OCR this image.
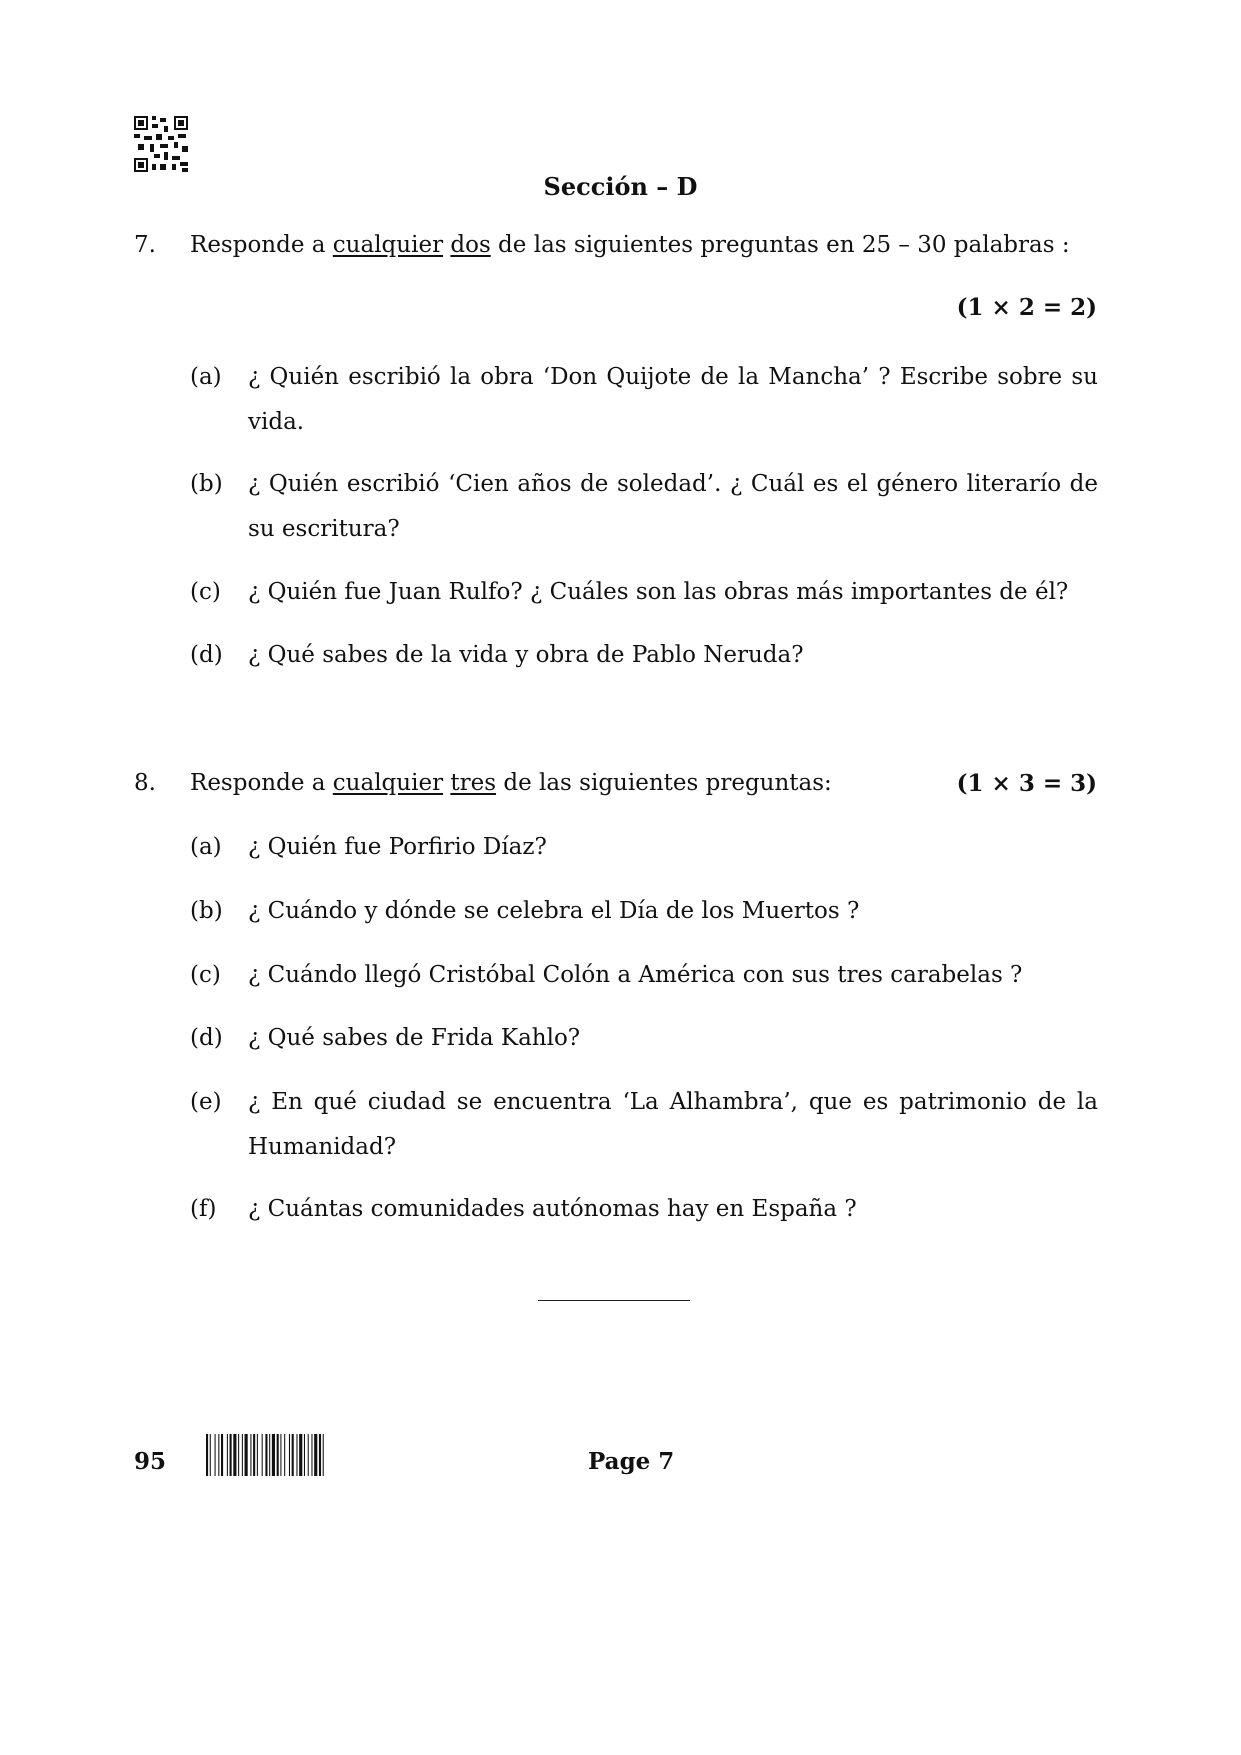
Sección – D
7. Responde a cualquier dos de las siguientes preguntas en 25 – 30 palabras :
(1 × 2 = 2)
(a) ¿ Quién escribió la obra ‘Don Quijote de la Mancha’ ? Escribe sobre su vida.
(b) ¿ Quién escribió ‘Cien años de soledad’. ¿ Cuál es el género literarío de su escritura?
(c) ¿ Quién fue Juan Rulfo? ¿ Cuáles son las obras más importantes de él?
(d) ¿ Qué sabes de la vida y obra de Pablo Neruda?
8. Responde a cualquier tres de las siguientes preguntas:	(1 × 3 = 3)
(a) ¿ Quién fue Porfirio Díaz?
(b) ¿ Cuándo y dónde se celebra el Día de los Muertos ?
(c) ¿ Cuándo llegó Cristóbal Colón a América con sus tres carabelas ?
(d) ¿ Qué sabes de Frida Kahlo?
(e) ¿ En qué ciudad se encuentra ‘La Alhambra’, que es patrimonio de la Humanidad?
(f) ¿ Cuántas comunidades autónomas hay en España ?
95	Page 7
